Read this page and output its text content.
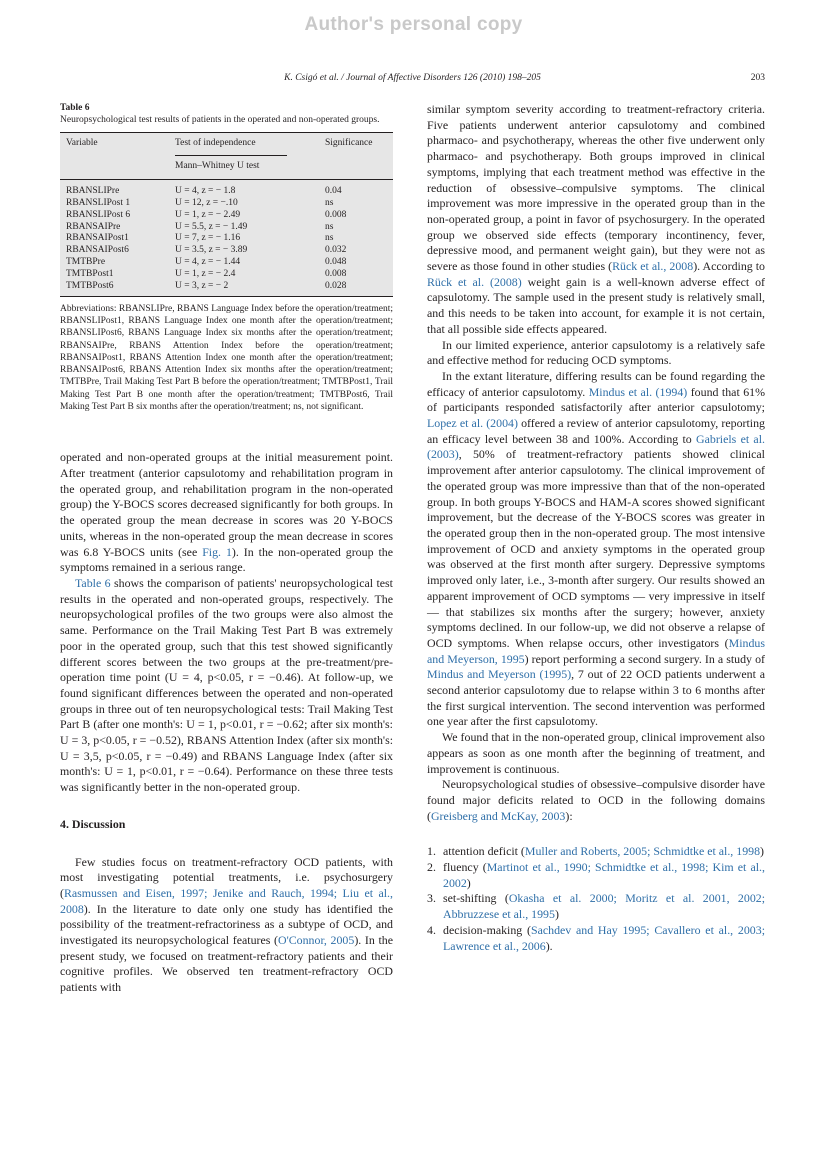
Author's personal copy
K. Csigó et al. / Journal of Affective Disorders 126 (2010) 198–205	203
Table 6
Neuropsychological test results of patients in the operated and non-operated groups.
Variable	Test of independence	Significance
Mann–Whitney U test
RBANSLIPre	U = 4, z = − 1.8	0.04
RBANSLIPost 1	U = 12, z = −.10	ns
RBANSLIPost 6	U = 1, z = − 2.49	0.008
RBANSAIPre	U = 5.5, z = − 1.49	ns
RBANSAIPost1	U = 7, z = − 1.16	ns
RBANSAIPost6	U = 3.5, z = − 3.89	0.032
TMTBPre	U = 4, z = − 1.44	0.048
TMTBPost1	U = 1, z = − 2.4	0.008
TMTBPost6	U = 3, z = − 2	0.028
Abbreviations: RBANSLIPre, RBANS Language Index before the operation/treatment; RBANSLIPost1, RBANS Language Index one month after the operation/treatment; RBANSLIPost6, RBANS Language Index six months after the operation/treatment; RBANSAIPre, RBANS Attention Index before the operation/treatment; RBANSAIPost1, RBANS Attention Index one month after the operation/treatment; RBANSAIPost6, RBANS Attention Index six months after the operation/treatment; TMTBPre, Trail Making Test Part B before the operation/treatment; TMTBPost1, Trail Making Test Part B one month after the operation/treatment; TMTBPost6, Trail Making Test Part B six months after the operation/treatment; ns, not significant.

operated and non-operated groups at the initial measurement point. After treatment (anterior capsulotomy and rehabilitation program in the operated group, and rehabilitation program in the non-operated group) the Y-BOCS scores decreased significantly for both groups. In the operated group the mean decrease in scores was 20 Y-BOCS units, whereas in the non-operated group the mean decrease in scores was 6.8 Y-BOCS units (see Fig. 1). In the non-operated group the symptoms remained in a serious range.

Table 6 shows the comparison of patients' neuropsychological test results in the operated and non-operated groups, respectively. The neuropsychological profiles of the two groups were also almost the same. Performance on the Trail Making Test Part B was extremely poor in the operated group, such that this test showed significantly different scores between the two groups at the pre-treatment/pre-operation time point (U = 4, p<0.05, r = −0.46). At follow-up, we found significant differences between the operated and non-operated groups in three out of ten neuropsychological tests: Trail Making Test Part B (after one month's: U = 1, p<0.01, r = −0.62; after six month's: U = 3, p<0.05, r = −0.52), RBANS Attention Index (after six month's: U = 3,5, p<0.05, r = −0.49) and RBANS Language Index (after six month's: U = 1, p<0.01, r = −0.64). Performance on these three tests was significantly better in the non-operated group.

4. Discussion

Few studies focus on treatment-refractory OCD patients, with most investigating potential treatments, i.e. psychosurgery (Rasmussen and Eisen, 1997; Jenike and Rauch, 1994; Liu et al., 2008). In the literature to date only one study has identified the possibility of the treatment-refractoriness as a subtype of OCD, and investigated its neuropsychological features (O'Connor, 2005). In the present study, we focused on treatment-refractory patients and their cognitive profiles. We observed ten treatment-refractory OCD patients with

similar symptom severity according to treatment-refractory criteria. Five patients underwent anterior capsulotomy and combined pharmaco- and psychotherapy, whereas the other five underwent only pharmaco- and psychotherapy. Both groups improved in clinical symptoms, implying that each treatment method was effective in the reduction of obsessive–compulsive symptoms. The clinical improvement was more impressive in the operated group than in the non-operated group, a point in favor of psychosurgery. In the operated group we observed side effects (temporary incontinency, fever, depressive mood, and permanent weight gain), but they were not as severe as those found in other studies (Rück et al., 2008). According to Rück et al. (2008) weight gain is a well-known adverse effect of capsulotomy. The sample used in the present study is relatively small, and this needs to be taken into account, for example it is not certain, that all possible side effects appeared.

In our limited experience, anterior capsulotomy is a relatively safe and effective method for reducing OCD symptoms.

In the extant literature, differing results can be found regarding the efficacy of anterior capsulotomy. Mindus et al. (1994) found that 61% of participants responded satisfactorily after anterior capsulotomy; Lopez et al. (2004) offered a review of anterior capsulotomy, reporting an efficacy level between 38 and 100%. According to Gabriels et al. (2003), 50% of treatment-refractory patients showed clinical improvement after anterior capsulotomy. The clinical improvement of the operated group was more impressive than that of the non-operated group. In both groups Y-BOCS and HAM-A scores showed significant improvement, but the decrease of the Y-BOCS scores was greater in the operated group then in the non-operated group. The most intensive improvement of OCD and anxiety symptoms in the operated group was observed at the first month after surgery. Depressive symptoms improved only later, i.e., 3-month after surgery. Our results showed an apparent improvement of OCD symptoms — very impressive in itself — that stabilizes six months after the surgery; however, anxiety symptoms declined. In our follow-up, we did not observe a relapse of OCD symptoms. When relapse occurs, other investigators (Mindus and Meyerson, 1995) report performing a second surgery. In a study of Mindus and Meyerson (1995), 7 out of 22 OCD patients underwent a second anterior capsulotomy due to relapse within 3 to 6 months after the first surgical intervention. The second intervention was performed one year after the first capsulotomy.

We found that in the non-operated group, clinical improvement also appears as soon as one month after the beginning of treatment, and improvement is continuous.

Neuropsychological studies of obsessive–compulsive disorder have found major deficits related to OCD in the following domains (Greisberg and McKay, 2003):

1. attention deficit (Muller and Roberts, 2005; Schmidtke et al., 1998)
2. fluency (Martinot et al., 1990; Schmidtke et al., 1998; Kim et al., 2002)
3. set-shifting (Okasha et al. 2000; Moritz et al. 2001, 2002; Abbruzzese et al., 1995)
4. decision-making (Sachdev and Hay 1995; Cavallero et al., 2003; Lawrence et al., 2006).
